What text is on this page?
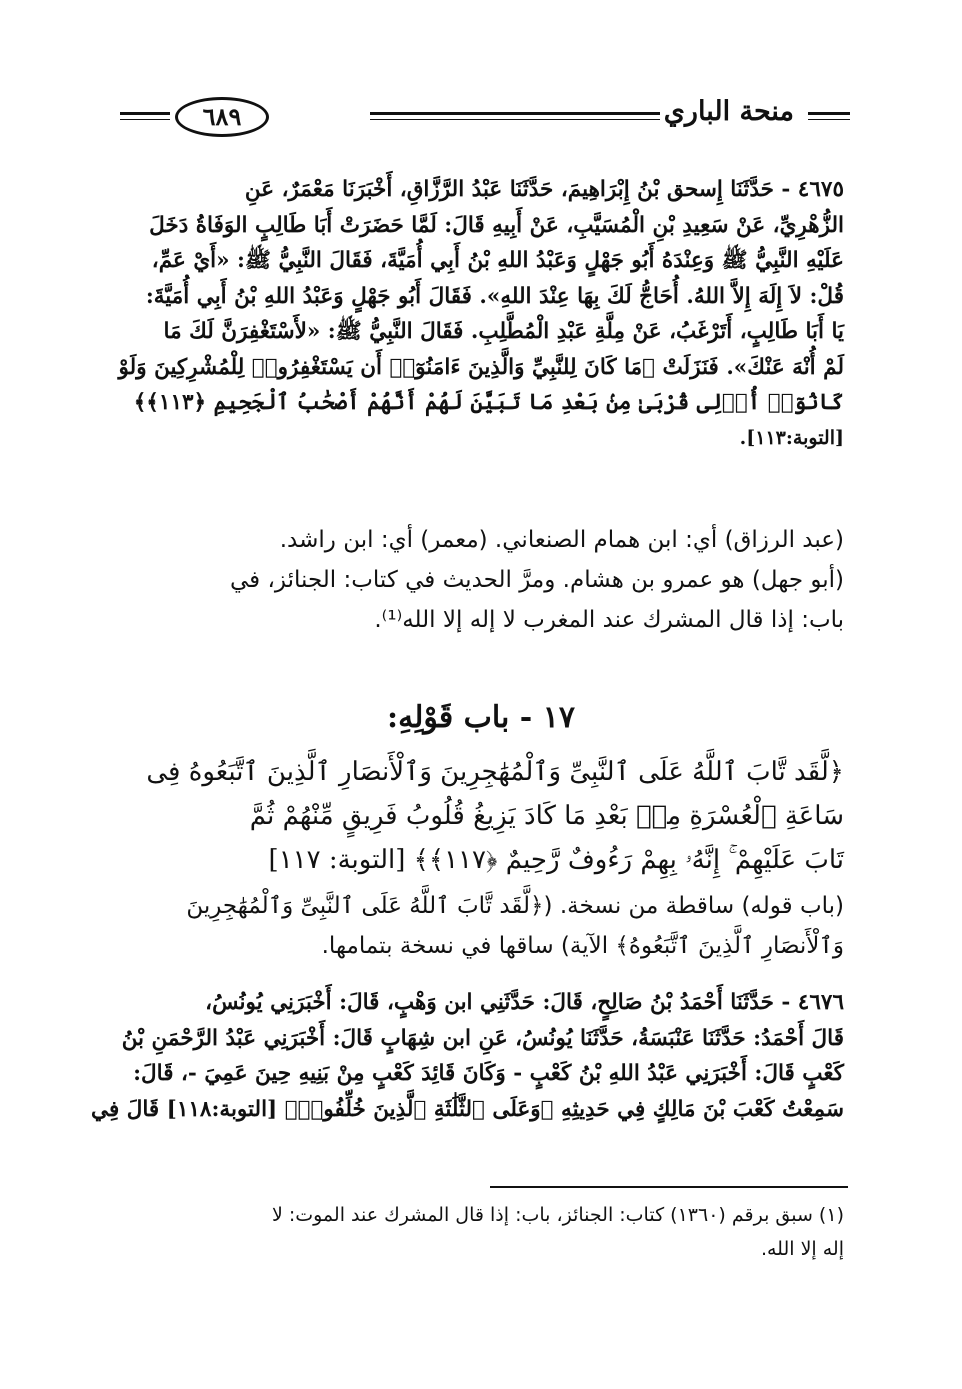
منحة الباري
٦٨٩
٤٦٧٥ - حَدَّثَنَا إِسحق بْنُ إِبْرَاهِيمَ، حَدَّثَنَا عَبْدُ الرَّزَّاقِ، أَخْبَرَنَا مَعْمَرٌ، عَنِ
الزُّهْرِيِّ، عَنْ سَعِيدِ بْنِ الْمُسَيَّبِ، عَنْ أَبِيهِ قَالَ: لَمَّا حَضَرَتْ أَبَا طَالِبٍ الوَفَاةُ دَخَلَ
عَلَيْهِ النَّبِيُّ ﷺ وَعِنْدَهُ أَبُو جَهْلٍ وَعَبْدُ اللهِ بْنُ أَبِي أُمَيَّةَ، فَقَالَ النَّبِيُّ ﷺ: «أَيْ عَمِّ،
قُلْ: لاَ إِلَهَ إِلاَّ اللهُ. أُحَاجُّ لَكَ بِهَا عِنْدَ اللهِ». فَقَالَ أَبُو جَهْلٍ وَعَبْدُ اللهِ بْنُ أَبِي أُمَيَّةَ:
يَا أَبَا طَالِبٍ، أَتَرْغَبُ، عَنْ مِلَّةِ عَبْدِ الْمُطَّلِبِ. فَقَالَ النَّبِيُّ ﷺ: «لأَسْتَغْفِرَنَّ لَكَ مَا
لَمْ أُنْهَ عَنْكَ». فَنَزَلَتْ ﴿مَا كَانَ لِلنَّبِيِّ وَالَّذِينَ ءَامَنُوٓا۟ أَن يَسْتَغْفِرُوا۟ لِلْمُشْرِكِينَ وَلَوْ
كَانُوٓا۟ أُو۟لِى قُرْبَىٰ مِنۢ بَعْدِ مَا تَبَيَّنَ لَهُمْ أَنَّهُمْ أَصْحَٰبُ ٱلْجَحِيمِ ﴿١١٣﴾﴾
[التوبة:١١٣].
(عبد الرزاق) أي: ابن همام الصنعاني. (معمر) أي: ابن راشد.
(أبو جهل) هو عمرو بن هشام. ومرَّ الحديث في كتاب: الجنائز، في
باب: إذا قال المشرك عند المغرب لا إله إلا الله⁽¹⁾.
١٧ - باب قَوْلِهِ:
﴿لَّقَد تَّابَ ٱللَّهُ عَلَى ٱلنَّبِىِّ وَٱلْمُهَٰجِرِينَ وَٱلْأَنصَارِ ٱلَّذِينَ ٱتَّبَعُوهُ فِى
سَاعَةِ ٱلْعُسْرَةِ مِنۢ بَعْدِ مَا كَادَ يَزِيغُ قُلُوبُ فَرِيقٍ مِّنْهُمْ ثُمَّ
تَابَ عَلَيْهِمْ ۚ إِنَّهُۥ بِهِمْ رَءُوفٌ رَّحِيمٌ ﴿١١٧﴾﴾ [التوبة: ١١٧]
(باب قوله) ساقطة من نسخة. (﴿لَّقَد تَّابَ ٱللَّهُ عَلَى ٱلنَّبِىِّ وَٱلْمُهَٰجِرِينَ
وَٱلْأَنصَارِ ٱلَّذِينَ ٱتَّبَعُوهُ﴾ الآية) ساقها في نسخة بتمامها.
٤٦٧٦ - حَدَّثَنَا أَحْمَدُ بْنُ صَالِحٍ، قَالَ: حَدَّثَنِي ابن وَهْبٍ، قَالَ: أَخْبَرَنِي يُونُسُ،
قَالَ أَحْمَدُ: حَدَّثَنَا عَنْبَسَةُ، حَدَّثَنَا يُونُسُ، عَنِ ابن شِهَابٍ قَالَ: أَخْبَرَنِي عَبْدُ الرَّحْمَنِ بْنُ
كَعْبٍ قَالَ: أَخْبَرَنِي عَبْدُ اللهِ بْنُ كَعْبٍ - وَكَانَ قَائِدَ كَعْبٍ مِنْ بَنِيهِ حِينَ عَمِيَ -، قَالَ:
سَمِعْتُ كَعْبَ بْنَ مَالِكٍ فِي حَدِيثِهِ ﴿وَعَلَى ٱلثَّلَٰثَةِ ٱلَّذِينَ خُلِّفُوا۟﴾ [التوبة:١١٨] قَالَ فِي
(١) سبق برقم (١٣٦٠) كتاب: الجنائز، باب: إذا قال المشرك عند الموت: لا
إله إلا الله.
